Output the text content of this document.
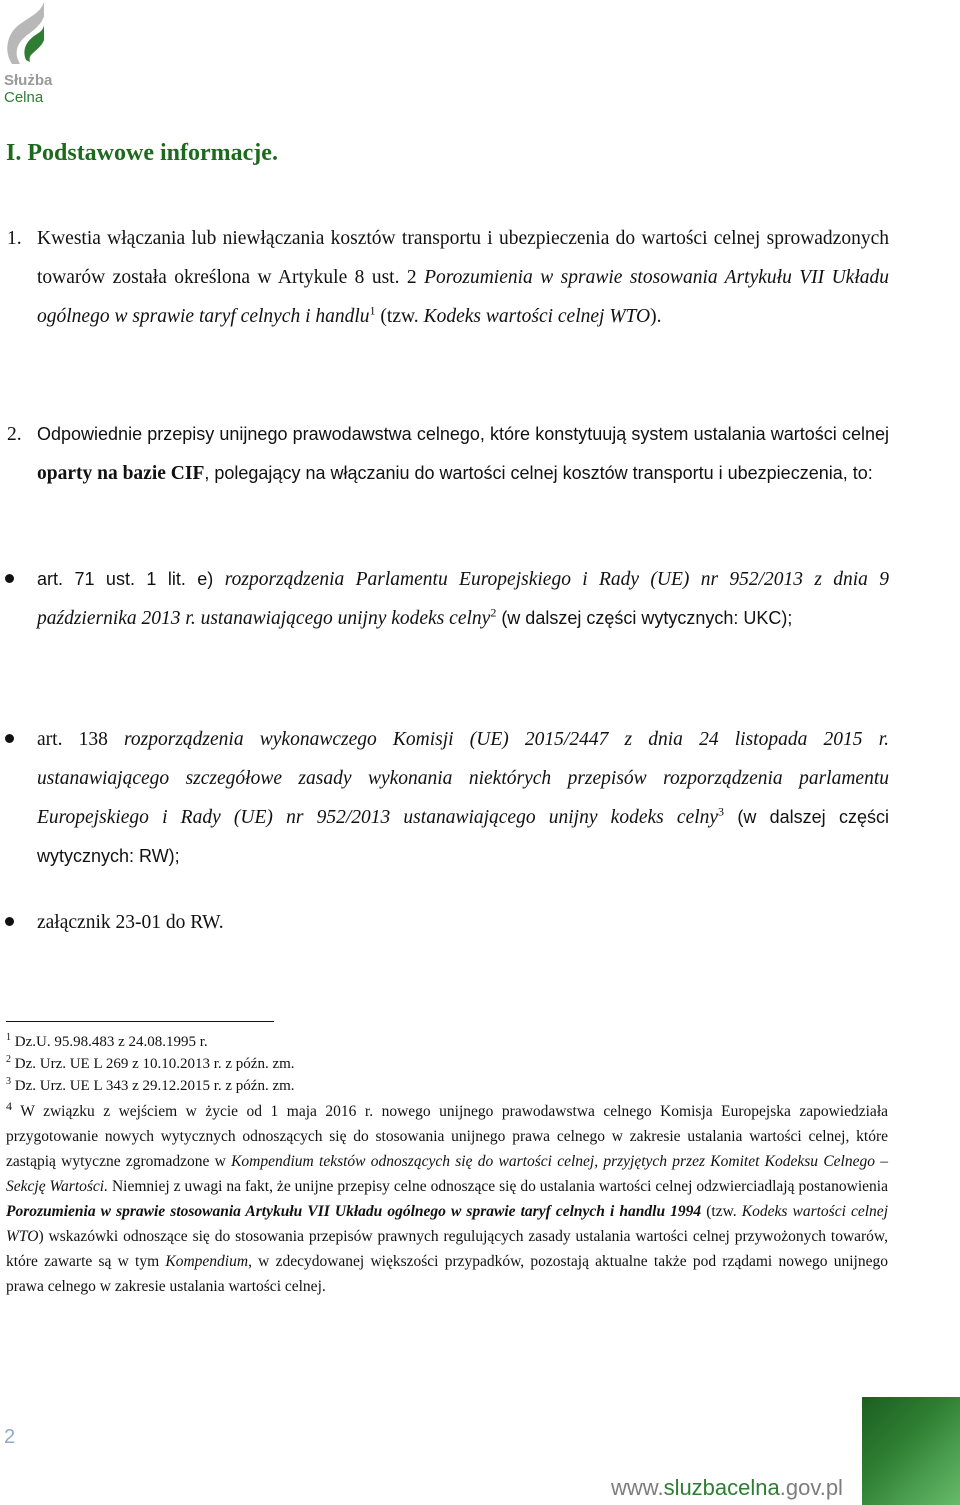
Służba
Celna
I. Podstawowe informacje.
1. Kwestia włączania lub niewłączania kosztów transportu i ubezpieczenia do wartości celnej sprowadzonych towarów została określona w Artykule 8 ust. 2 Porozumienia w sprawie stosowania Artykułu VII Układu ogólnego w sprawie taryf celnych i handlu$^1$ (tzw. Kodeks wartości celnej WTO).
2. Odpowiednie przepisy unijnego prawodawstwa celnego, które konstytuują system ustalania wartości celnej oparty na bazie CIF, polegający na włączaniu do wartości celnej kosztów transportu i ubezpieczenia, to:
art. 71 ust. 1 lit. e) rozporządzenia Parlamentu Europejskiego i Rady (UE) nr 952/2013 z dnia 9 października 2013 r. ustanawiającego unijny kodeks celny$^2$ (w dalszej części wytycznych: UKC);
art. 138 rozporządzenia wykonawczego Komisji (UE) 2015/2447 z dnia 24 listopada 2015 r. ustanawiającego szczegółowe zasady wykonania niektórych przepisów rozporządzenia parlamentu Europejskiego i Rady (UE) nr 952/2013 ustanawiającego unijny kodeks celny$^3$ (w dalszej części wytycznych: RW);
załącznik 23-01 do RW.
$^1$ Dz.U. 95.98.483 z 24.08.1995 r.
$^2$ Dz. Urz. UE L 269 z 10.10.2013 r. z późn. zm.
$^3$ Dz. Urz. UE L 343 z 29.12.2015 r. z późn. zm.
$^4$ W związku z wejściem w życie od 1 maja 2016 r. nowego unijnego prawodawstwa celnego Komisja Europejska zapowiedziała przygotowanie nowych wytycznych odnoszących się do stosowania unijnego prawa celnego w zakresie ustalania wartości celnej, które zastąpią wytyczne zgromadzone w Kompendium tekstów odnoszących się do wartości celnej, przyjętych przez Komitet Kodeksu Celnego – Sekcję Wartości. Niemniej z uwagi na fakt, że unijne przepisy celne odnoszące się do ustalania wartości celnej odzwierciadlają postanowienia Porozumienia w sprawie stosowania Artykułu VII Układu ogólnego w sprawie taryf celnych i handlu 1994 (tzw. Kodeks wartości celnej WTO) wskazówki odnoszące się do stosowania przepisów prawnych regulujących zasady ustalania wartości celnej przywożonych towarów, które zawarte są w tym Kompendium, w zdecydowanej większości przypadków, pozostają aktualne także pod rządami nowego unijnego prawa celnego w zakresie ustalania wartości celnej.
2
www.sluzbacelna.gov.pl
